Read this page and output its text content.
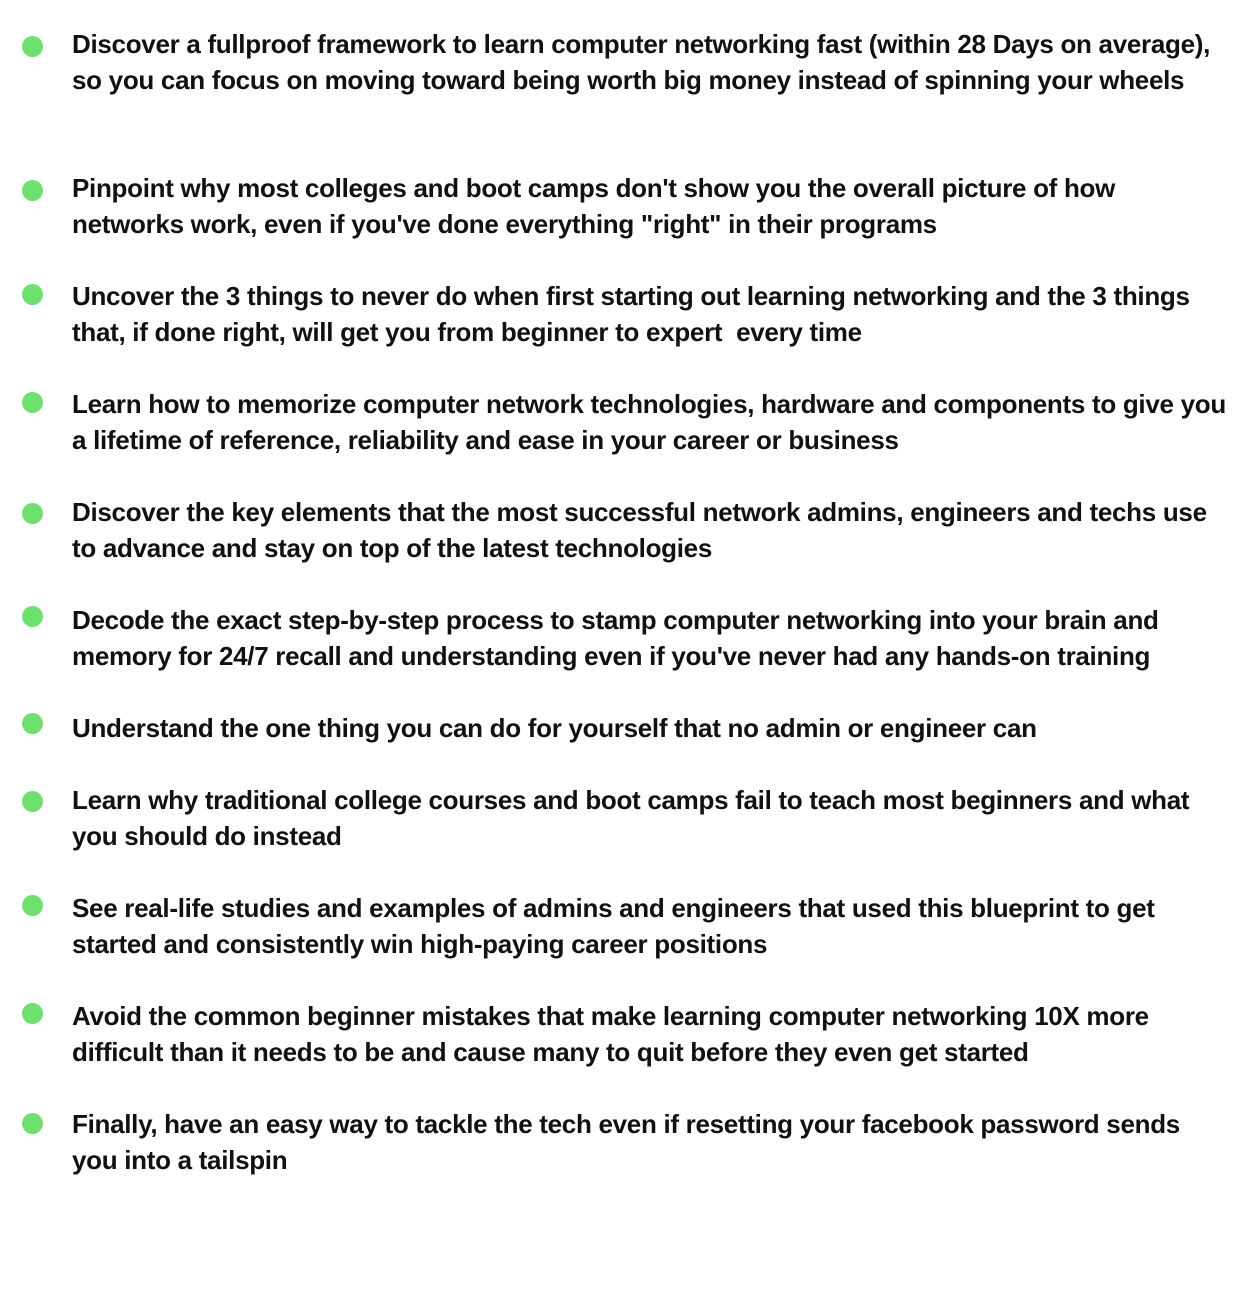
Discover a fullproof framework to learn computer networking fast (within 28 Days on average), so you can focus on moving toward being worth big money instead of spinning your wheels
Pinpoint why most colleges and boot camps don't show you the overall picture of how networks work, even if you've done everything "right" in their programs
Uncover the 3 things to never do when first starting out learning networking and the 3 things that, if done right, will get you from beginner to expert  every time
Learn how to memorize computer network technologies, hardware and components to give you a lifetime of reference, reliability and ease in your career or business
Discover the key elements that the most successful network admins, engineers and techs use to advance and stay on top of the latest technologies
Decode the exact step-by-step process to stamp computer networking into your brain and memory for 24/7 recall and understanding even if you've never had any hands-on training
Understand the one thing you can do for yourself that no admin or engineer can
Learn why traditional college courses and boot camps fail to teach most beginners and what you should do instead
See real-life studies and examples of admins and engineers that used this blueprint to get started and consistently win high-paying career positions
Avoid the common beginner mistakes that make learning computer networking 10X more difficult than it needs to be and cause many to quit before they even get started
Finally, have an easy way to tackle the tech even if resetting your facebook password sends you into a tailspin
